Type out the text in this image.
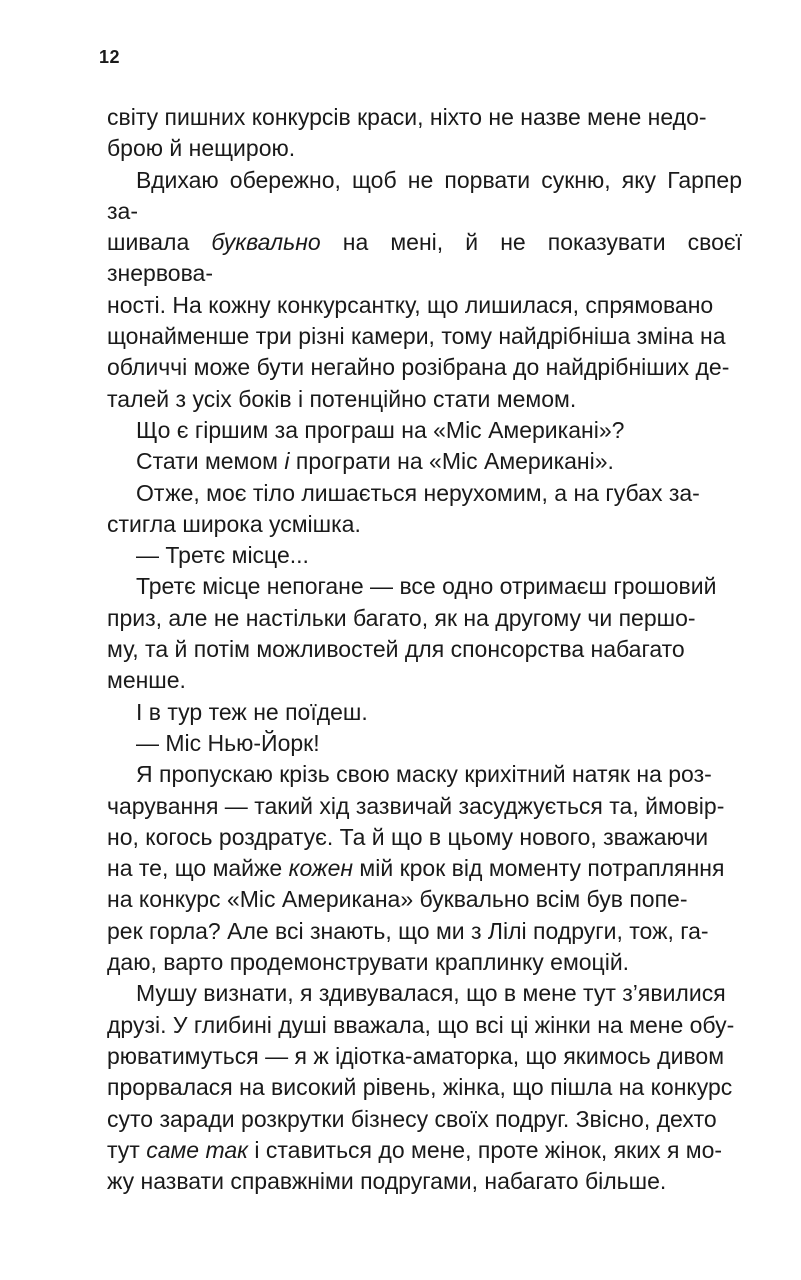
12

світу пишних конкурсів краси, ніхто не назве мене недо-
брою й нещирою.

Вдихаю обережно, щоб не порвати сукню, яку Гарпер за-
шивала буквально на мені, й не показувати своєї знервова-
ності. На кожну конкурсантку, що лишилася, спрямовано
щонайменше три різні камери, тому найдрібніша зміна на
обличчі може бути негайно розібрана до найдрібніших де-
талей з усіх боків і потенційно стати мемом.

Що є гіршим за програш на «Міс Американі»?

Стати мемом і програти на «Міс Американі».

Отже, моє тіло лишається нерухомим, а на губах за-
стигла широка усмішка.

— Третє місце...

Третє місце непогане — все одно отримаєш грошовий
приз, але не настільки багато, як на другому чи першо-
му, та й потім можливостей для спонсорства набагато
менше.

І в тур теж не поїдеш.

— Міс Нью-Йорк!

Я пропускаю крізь свою маску крихітний натяк на роз-
чарування — такий хід зазвичай засуджується та, ймовір-
но, когось роздратує. Та й що в цьому нового, зважаючи
на те, що майже кожен мій крок від моменту потрапляння
на конкурс «Міс Американа» буквально всім був попе-
рек горла? Але всі знають, що ми з Лілі подруги, тож, га-
даю, варто продемонструвати краплинку емоцій.

Мушу визнати, я здивувалася, що в мене тут з’явилися
друзі. У глибині душі вважала, що всі ці жінки на мене обу-
рюватимуться — я ж ідіотка-аматорка, що якимось дивом
прорвалася на високий рівень, жінка, що пішла на конкурс
суто заради розкрутки бізнесу своїх подруг. Звісно, дехто
тут саме так і ставиться до мене, проте жінок, яких я мо-
жу назвати справжніми подругами, набагато більше.
